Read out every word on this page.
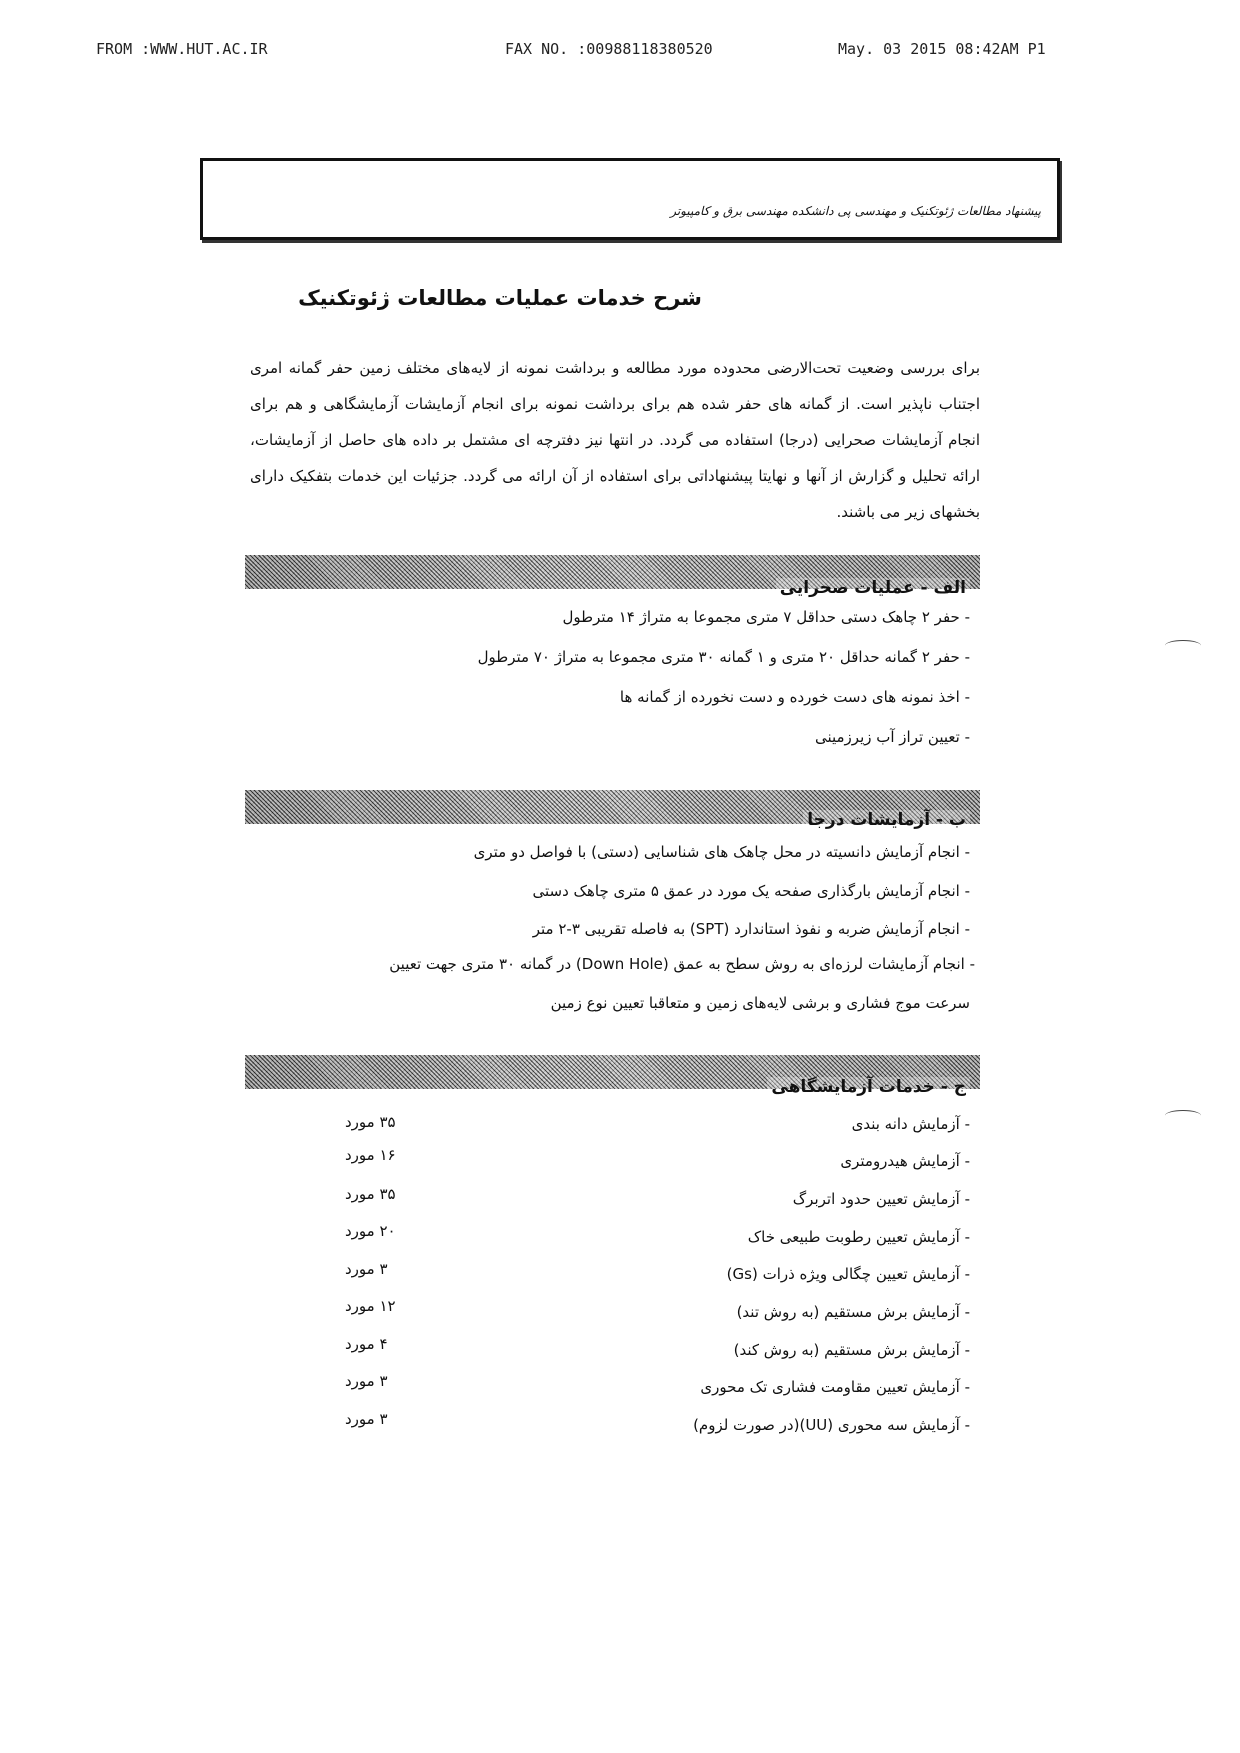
FROM :WWW.HUT.AC.IR	FAX NO. :00988118380520	May. 03 2015 08:42AM P1
پیشنهاد مطالعات ژئوتکنیک و مهندسی پی دانشکده مهندسی برق و کامپیوتر
شرح خدمات عملیات مطالعات ژئوتکنیک
برای بررسی وضعیت تحت‌الارضی محدوده مورد مطالعه و برداشت نمونه از لایه‌های مختلف زمین حفر گمانه امری اجتناب ناپذیر است. از گمانه های حفر شده هم برای برداشت نمونه برای انجام آزمایشات آزمایشگاهی و هم برای انجام آزمایشات صحرایی (درجا) استفاده می گردد. در انتها نیز دفترچه ای مشتمل بر داده های حاصل از آزمایشات، ارائه تحلیل و گزارش از آنها و نهایتا پیشنهاداتی برای استفاده از آن ارائه می گردد. جزئیات این خدمات بتفکیک دارای بخشهای زیر می باشند.
الف - عملیات صحرایی
- حفر ۲ چاهک دستی حداقل ۷ متری مجموعا به متراژ ۱۴ مترطول
- حفر ۲ گمانه حداقل ۲۰ متری و ۱ گمانه ۳۰ متری مجموعا به متراژ ۷۰ مترطول
- اخذ نمونه های دست خورده و دست نخورده از گمانه ها
- تعیین تراز آب زیرزمینی
ب - آزمایشات درجا
- انجام آزمایش دانسیته در محل چاهک های شناسایی (دستی) با فواصل دو متری
- انجام آزمایش بارگذاری صفحه یک مورد در عمق ۵ متری چاهک دستی
- انجام آزمایش ضربه و نفوذ استاندارد (SPT) به فاصله تقریبی ۳-۲ متر
- انجام آزمایشات لرزه‌ای به روش سطح به عمق (Down Hole) در گمانه ۳۰ متری جهت تعیین
سرعت موج فشاری و برشی لایه‌های زمین و متعاقبا تعیین نوع زمین
ج - خدمات آزمایشگاهی
- آزمایش دانه بندی
۳۵ مورد
- آزمایش هیدرومتری
۱۶ مورد
- آزمایش تعیین حدود اتربرگ
۳۵ مورد
- آزمایش تعیین رطوبت طبیعی خاک
۲۰ مورد
- آزمایش تعیین چگالی ویژه ذرات (Gs)
۳ مورد
- آزمایش برش مستقیم (به روش تند)
۱۲ مورد
- آزمایش برش مستقیم (به روش کند)
۴ مورد
- آزمایش تعیین مقاومت فشاری تک محوری
۳ مورد
- آزمایش سه محوری (UU)(در صورت لزوم)
۳ مورد
